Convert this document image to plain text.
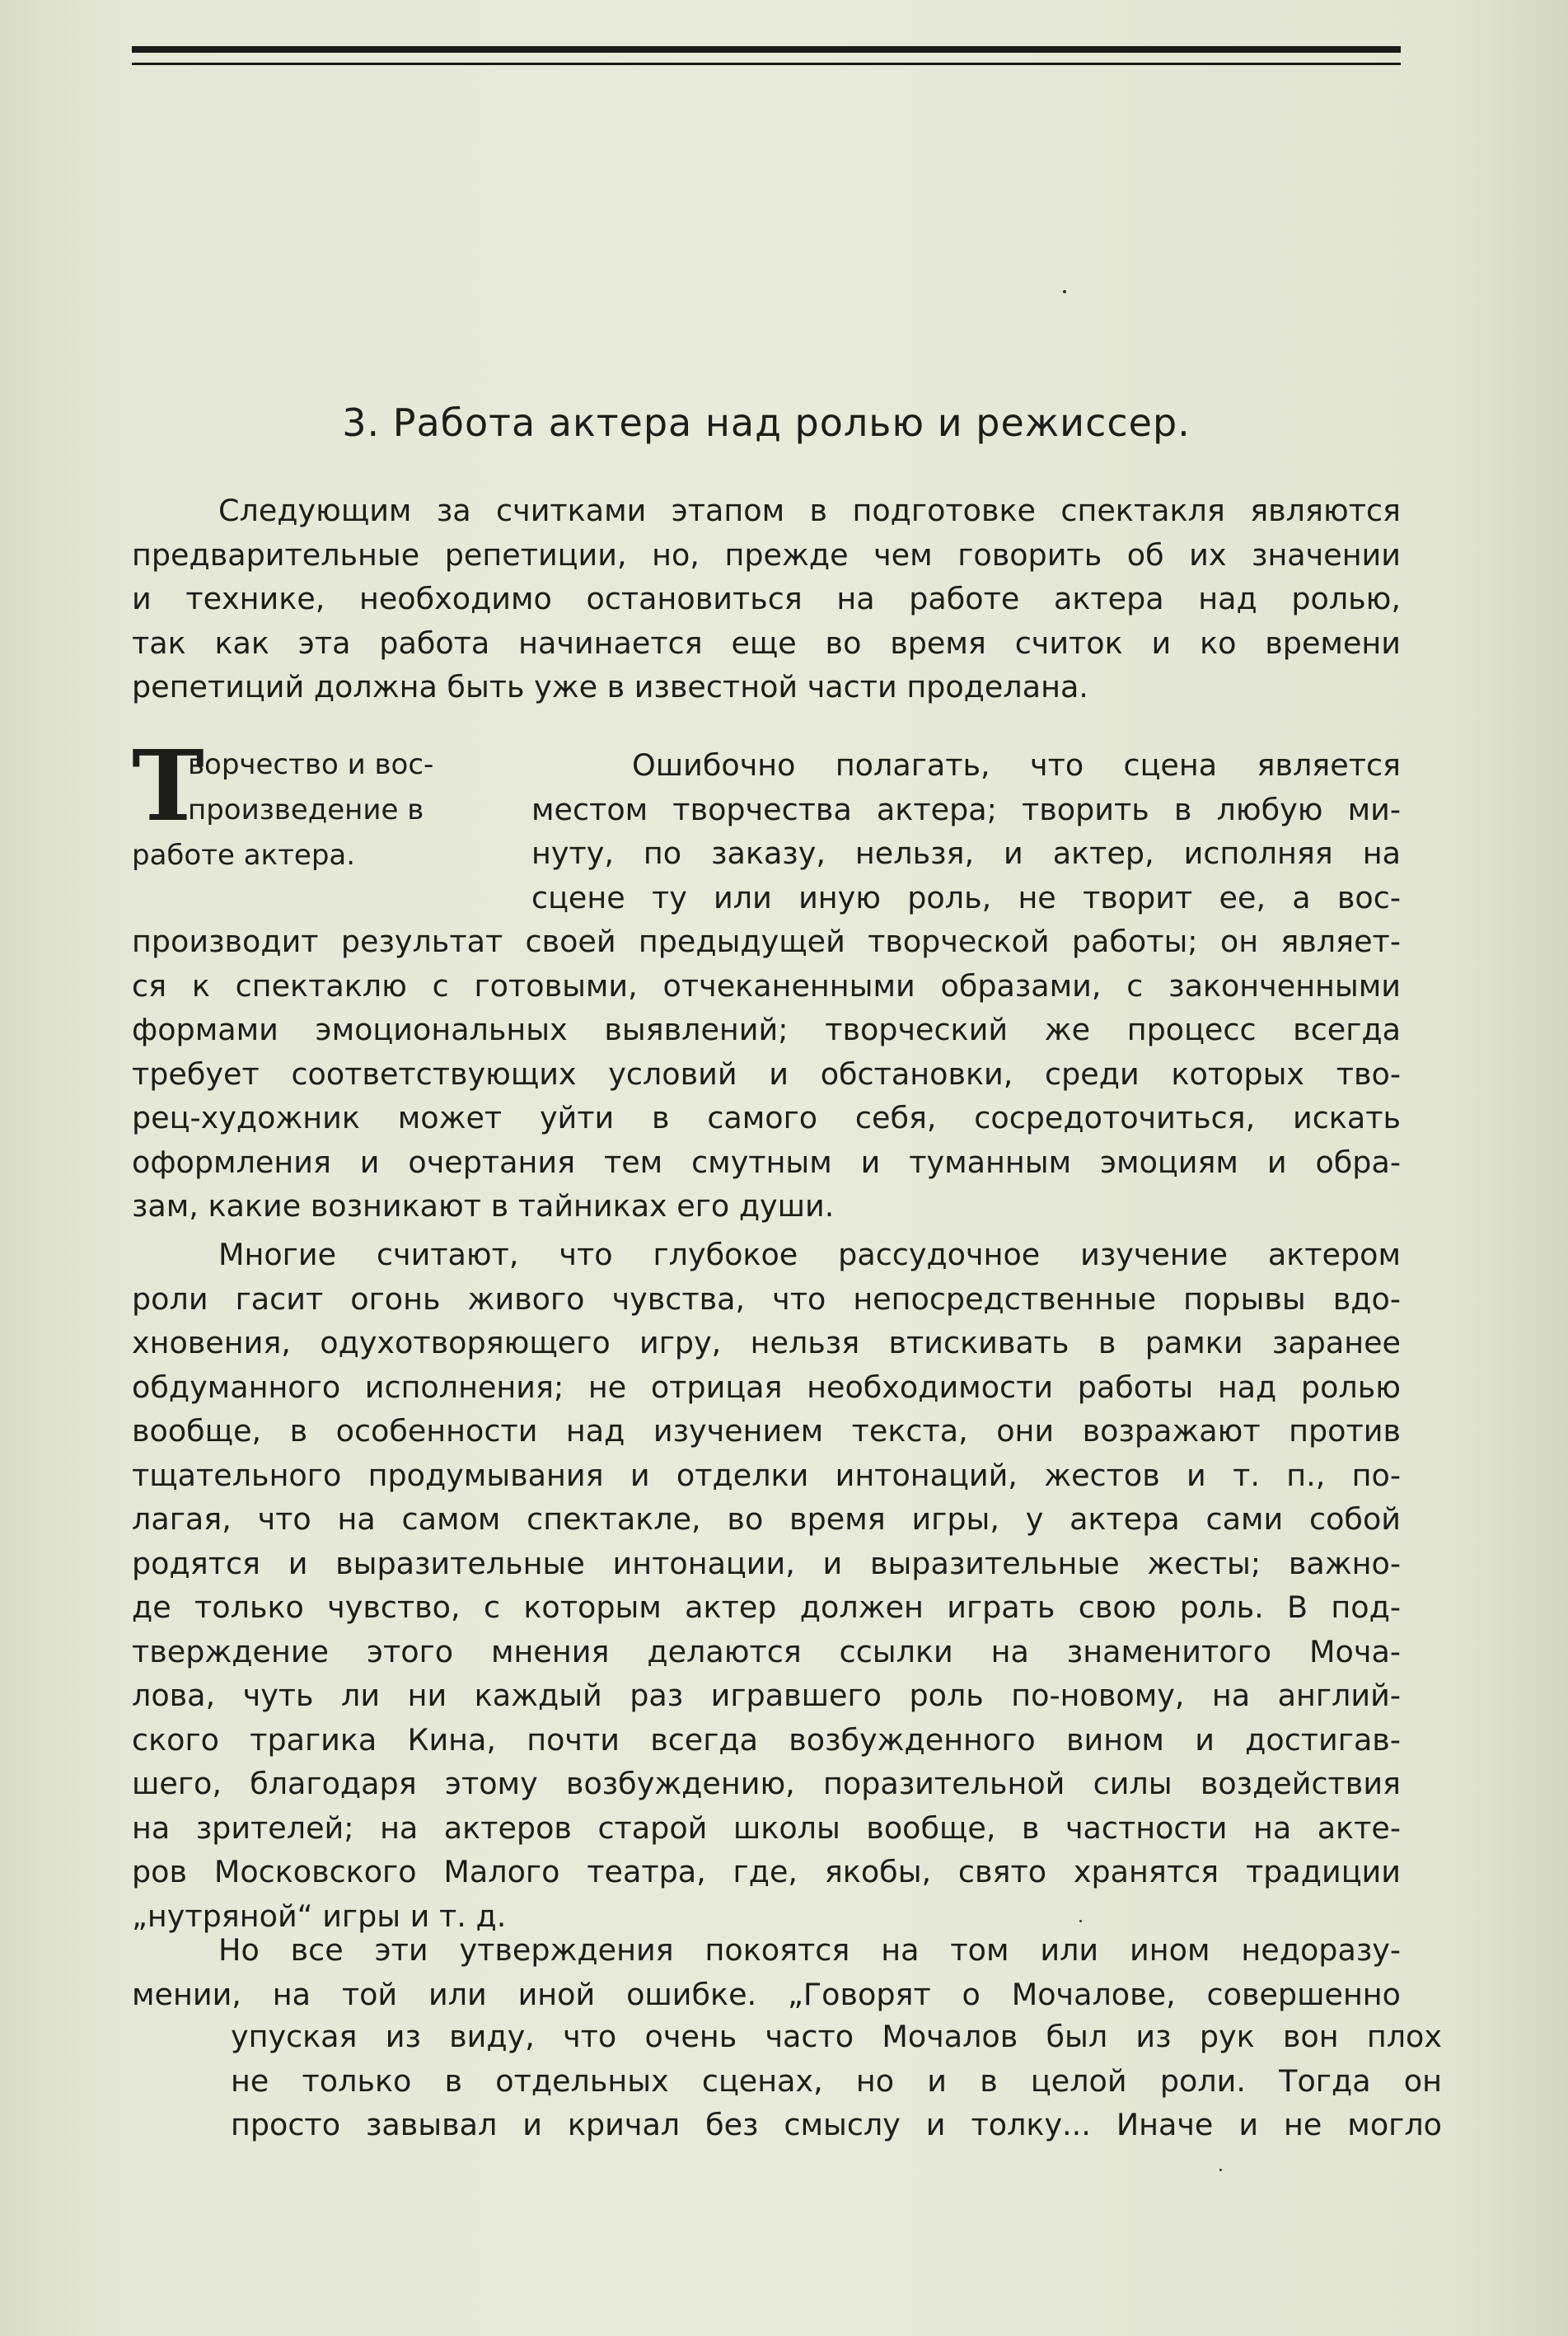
3. Работа актера над ролью и режиссер.
Следующим за считками этапом в подготовке спектакля являются
предварительные репетиции, но, прежде чем говорить об их значении
и технике, необходимо остановиться на работе актера над ролью,
так как эта работа начинается еще во время считок и ко времени
репетиций должна быть уже в известной части проделана.
Т
ворчество и вос-
произведение в
работе актера.
Ошибочно полагать, что сцена является
местом творчества актера; творить в любую ми-
нуту, по заказу, нельзя, и актер, исполняя на
сцене ту или иную роль, не творит ее, а вос-
производит результат своей предыдущей творческой работы; он являет-
ся к спектаклю с готовыми, отчеканенными образами, с законченными
формами эмоциональных выявлений; творческий же процесс всегда
требует соответствующих условий и обстановки, среди которых тво-
рец-художник может уйти в самого себя, сосредоточиться, искать
оформления и очертания тем смутным и туманным эмоциям и обра-
зам, какие возникают в тайниках его души.
Многие считают, что глубокое рассудочное изучение актером
роли гасит огонь живого чувства, что непосредственные порывы вдо-
хновения, одухотворяющего игру, нельзя втискивать в рамки заранее
обдуманного исполнения; не отрицая необходимости работы над ролью
вообще, в особенности над изучением текста, они возражают против
тщательного продумывания и отделки интонаций, жестов и т. п., по-
лагая, что на самом спектакле, во время игры, у актера сами собой
родятся и выразительные интонации, и выразительные жесты; важно-
де только чувство, с которым актер должен играть свою роль. В под-
тверждение этого мнения делаются ссылки на знаменитого Моча-
лова, чуть ли ни каждый раз игравшего роль по-новому, на англий-
ского трагика Кина, почти всегда возбужденного вином и достигав-
шего, благодаря этому возбуждению, поразительной силы воздействия
на зрителей; на актеров старой школы вообще, в частности на акте-
ров Московского Малого театра, где, якобы, свято хранятся традиции
„нутряной“ игры и т. д.
Но все эти утверждения покоятся на том или ином недоразу-
мении, на той или иной ошибке. „Говорят о Мочалове, совершенно
упуская из виду, что очень часто Мочалов был из рук вон плох
не только в отдельных сценах, но и в целой роли. Тогда он
просто завывал и кричал без смыслу и толку... Иначе и не могло
